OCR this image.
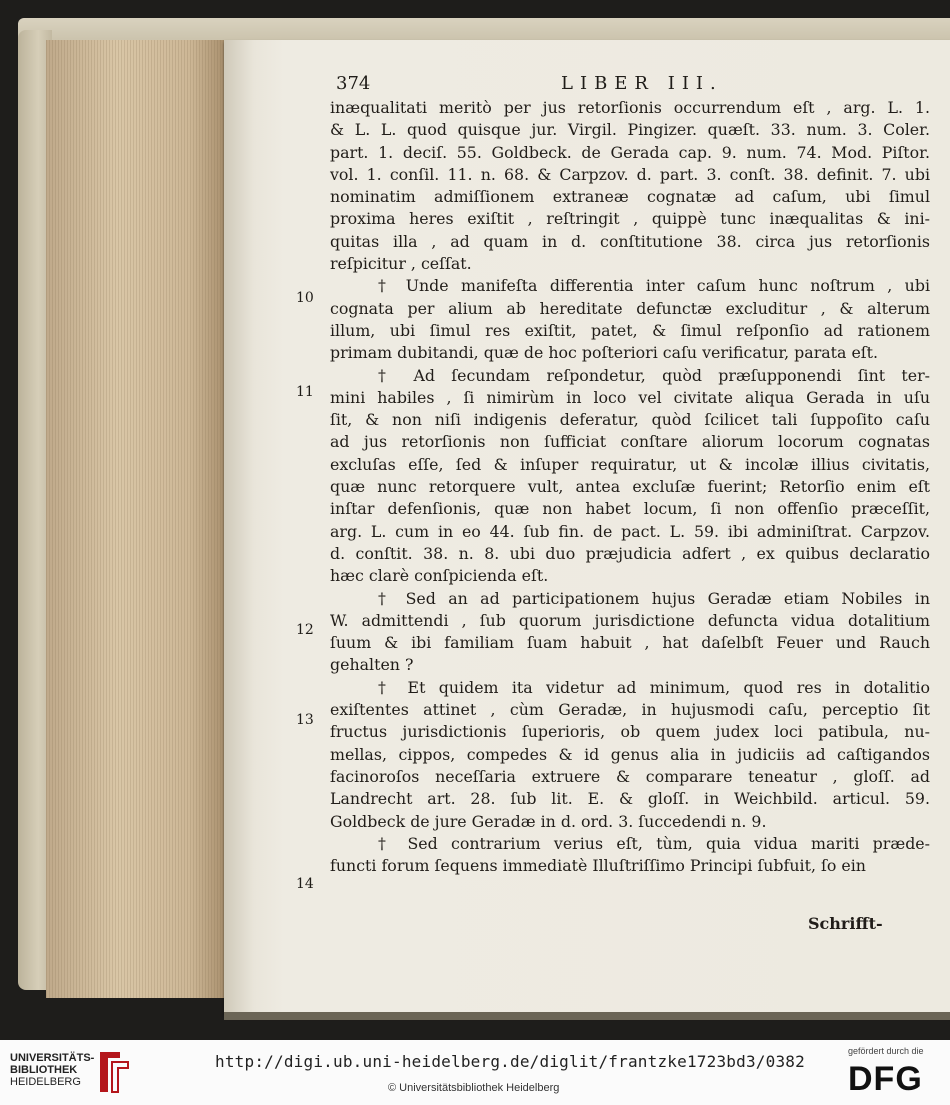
374	LIBER III.
10
11
12
13
14
inæqualitati meritò per jus retorſionis occurrendum eſt , arg. L. 1.
& L. L. quod quisque jur. Virgil. Pingizer. quæſt. 33. num. 3. Coler.
part. 1. deciſ. 55. Goldbeck. de Gerada cap. 9. num. 74. Mod. Piſtor.
vol. 1. conſil. 11. n. 68. & Carpzov. d. part. 3. conſt. 38. definit. 7. ubi
nominatim admiſſionem extraneæ cognatæ ad caſum, ubi ſimul
proxima heres exiſtit , reſtringit , quippè tunc inæqualitas & ini-
quitas illa , ad quam in d. conſtitutione 38. circa jus retorſionis
reſpicitur , ceſſat.
† Unde manifeſta differentia inter caſum hunc noſtrum , ubi
cognata per alium ab hereditate defunctæ excluditur , & alterum
illum, ubi ſimul res exiſtit, patet, & ſimul reſponſio ad rationem
primam dubitandi, quæ de hoc poſteriori caſu verificatur, parata eſt.
† Ad ſecundam reſpondetur, quòd præſupponendi ſint ter-
mini habiles , ſi nimirùm in loco vel civitate aliqua Gerada in uſu
ſit, & non niſi indigenis deferatur, quòd ſcilicet tali ſuppoſito caſu
ad jus retorſionis non ſufficiat conſtare aliorum locorum cognatas
excluſas eſſe, ſed & inſuper requiratur, ut & incolæ illius civitatis,
quæ nunc retorquere vult, antea excluſæ fuerint; Retorſio enim eſt
inſtar defenſionis, quæ non habet locum, ſi non offenſio præceſſit,
arg. L. cum in eo 44. ſub fin. de pact. L. 59. ibi adminiſtrat. Carpzov.
d. conſtit. 38. n. 8. ubi duo præjudicia adfert , ex quibus declaratio
hæc clarè conſpicienda eſt.
† Sed an ad participationem hujus Geradæ etiam Nobiles in
W. admittendi , ſub quorum jurisdictione defuncta vidua dotalitium
ſuum & ibi familiam ſuam habuit , hat daſelbſt Feuer und Rauch
gehalten ?
† Et quidem ita videtur ad minimum, quod res in dotalitio
exiſtentes attinet , cùm Geradæ, in hujusmodi caſu, perceptio ſit
fructus jurisdictionis ſuperioris, ob quem judex loci patibula, nu-
mellas, cippos, compedes & id genus alia in judiciis ad caſtigandos
facinoroſos neceſſaria extruere & comparare teneatur , gloſſ. ad
Landrecht art. 28. ſub lit. E. & gloſſ. in Weichbild. articul. 59.
Goldbeck de jure Geradæ in d. ord. 3. ſuccedendi n. 9.
† Sed contrarium verius eſt, tùm, quia vidua mariti præde-
functi forum ſequens immediatè Illuſtriſſimo Principi ſubfuit, ſo ein
Schrifft-
UNIVERSITÄTS-
BIBLIOTHEK
HEIDELBERG
http://digi.ub.uni-heidelberg.de/diglit/frantzke1723bd3/0382
© Universitätsbibliothek Heidelberg
gefördert durch die
DFG
